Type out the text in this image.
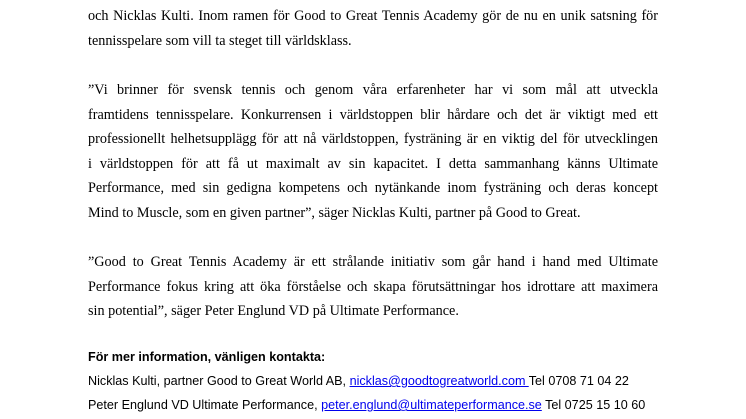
och Nicklas Kulti. Inom ramen för Good to Great Tennis Academy gör de nu en unik satsning för
tennisspelare som vill ta steget till världsklass.
”Vi brinner för svensk tennis och genom våra erfarenheter har vi som mål att utveckla
framtidens tennisspelare. Konkurrensen i världstoppen blir hårdare och det är viktigt med ett
professionellt helhetsupplägg för att nå världstoppen, fysträning är en viktig del för utvecklingen
i världstoppen för att få ut maximalt av sin kapacitet. I detta sammanhang känns Ultimate
Performance, med sin gedigna kompetens och nytänkande inom fysträning och deras koncept
Mind to Muscle, som en given partner”, säger Nicklas Kulti, partner på Good to Great.
”Good to Great Tennis Academy är ett strålande initiativ som går hand i hand med Ultimate
Performance fokus kring att öka förståelse och skapa förutsättningar hos idrottare att maximera
sin potential”, säger Peter Englund VD på Ultimate Performance.
För mer information, vänligen kontakta:
Nicklas Kulti, partner Good to Great World AB, nicklas@goodtogreatworld.com Tel 0708 71 04 22
Peter Englund VD Ultimate Performance, peter.englund@ultimateperformance.se Tel 0725 15 10 60
